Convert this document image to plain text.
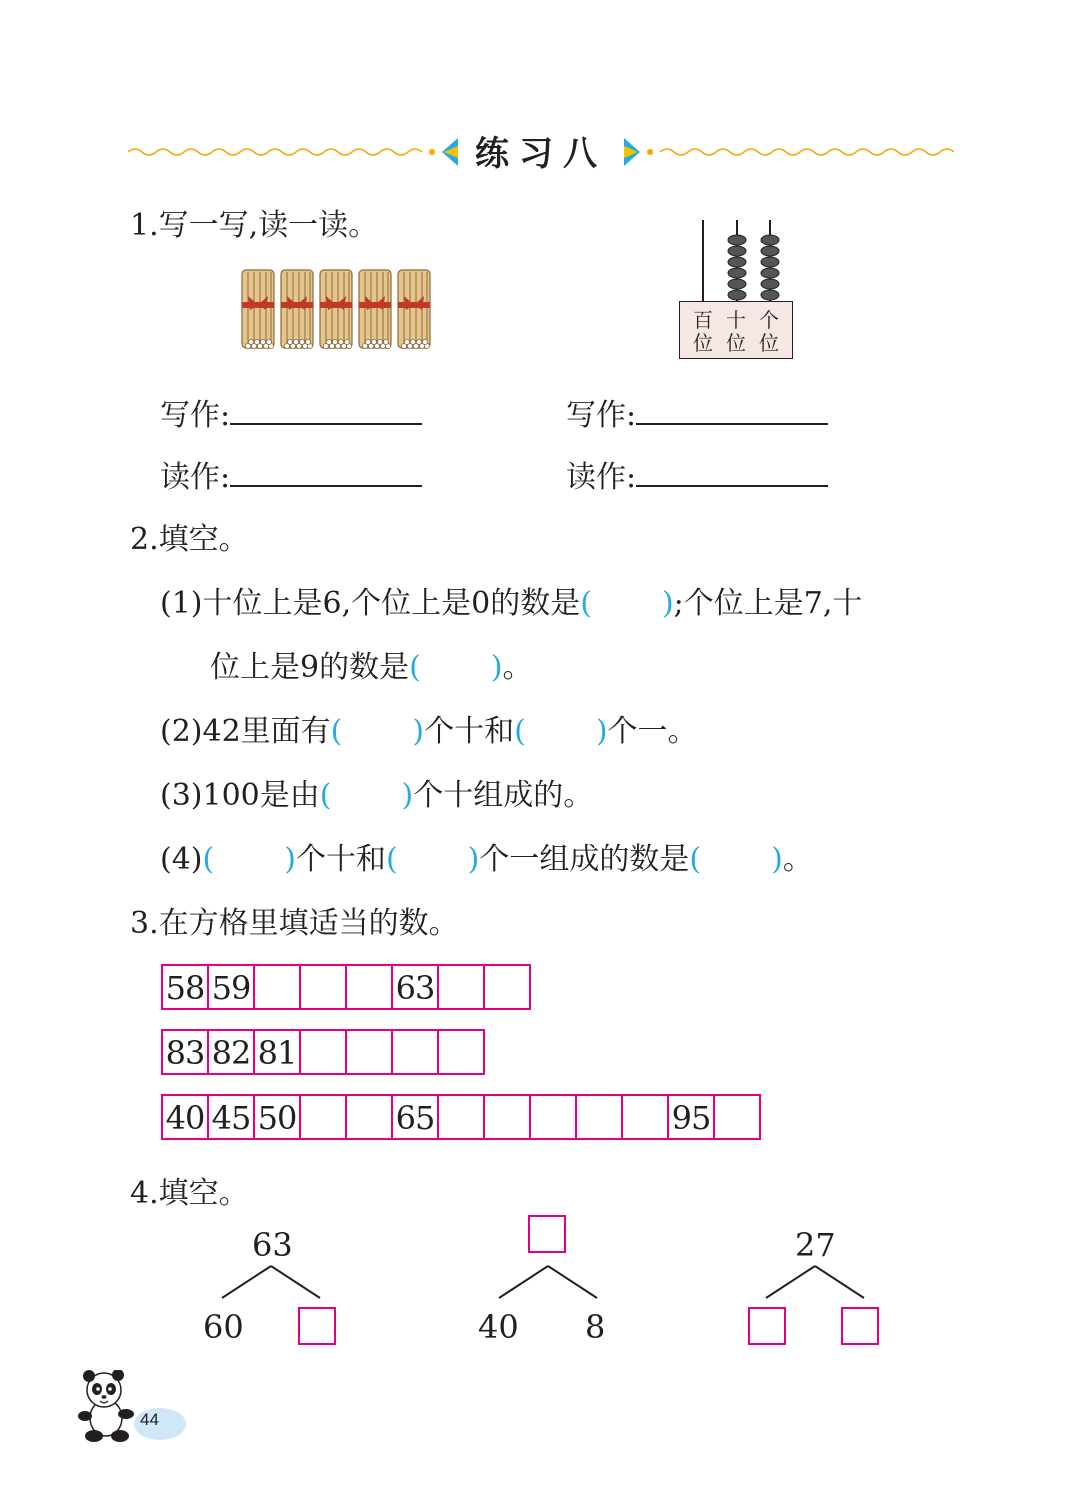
练习八
1.写一写,读一读。
百 十 个
位 位 位
写作:	写作:
读作:	读作:
2.填空。
(1)十位上是6,个位上是0的数是( );个位上是7,十
位上是9的数是( )。
(2)42里面有( )个十和( )个一。
(3)100是由( )个十组成的。
(4)( )个十和( )个一组成的数是( )。
3.在方格里填适当的数。
58 59	63
83 82 81
40 45 50	65	95
4.填空。
63
60	40 8
27
44
